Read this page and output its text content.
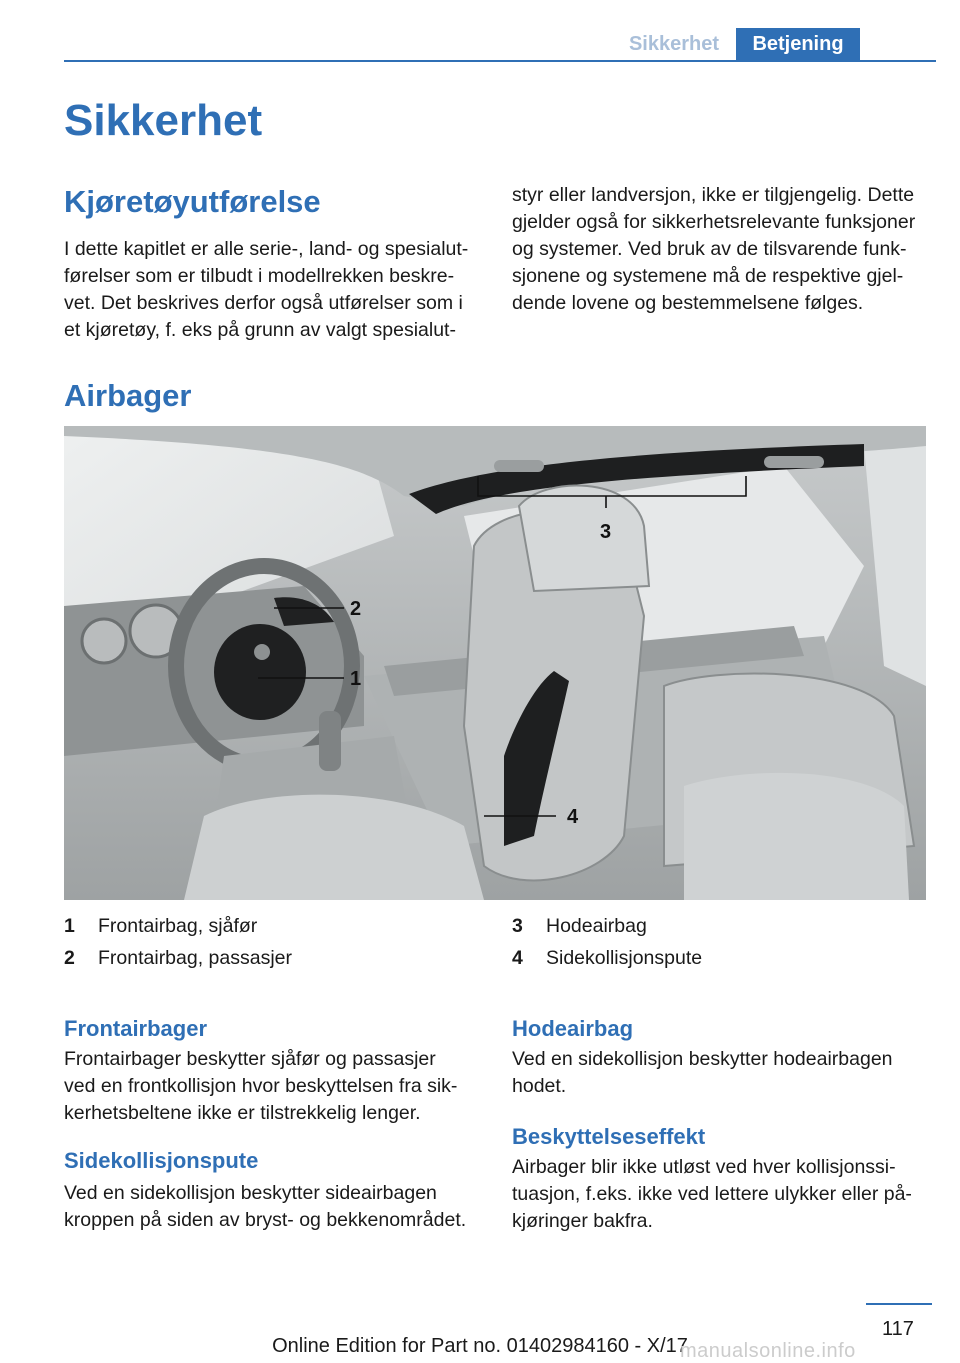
Sikkerhet	Betjening
Sikkerhet
Kjøretøyutførelse
I dette kapitlet er alle serie-, land- og spesialut-
førelser som er tilbudt i modellrekken beskre-
vet. Det beskrives derfor også utførelser som i
et kjøretøy, f. eks på grunn av valgt spesialut-
styr eller landversjon, ikke er tilgjengelig. Dette
gjelder også for sikkerhetsrelevante funksjoner
og systemer. Ved bruk av de tilsvarende funk-
sjonene og systemene må de respektive gjel-
dende lovene og bestemmelsene følges.
Airbager
2
1
3
4
1 Frontairbag, sjåfør
2 Frontairbag, passasjer
3 Hodeairbag
4 Sidekollisjonspute
Frontairbager
Frontairbager beskytter sjåfør og passasjer
ved en frontkollisjon hvor beskyttelsen fra sik-
kerhetsbeltene ikke er tilstrekkelig lenger.
Sidekollisjonspute
Ved en sidekollisjon beskytter sideairbagen
kroppen på siden av bryst- og bekkenområdet.
Hodeairbag
Ved en sidekollisjon beskytter hodeairbagen
hodet.
Beskyttelseseffekt
Airbager blir ikke utløst ved hver kollisjonssi-
tuasjon, f.eks. ikke ved lettere ulykker eller på-
kjøringer bakfra.
117
Online Edition for Part no. 01402984160 - X/17
manualsonline.info
